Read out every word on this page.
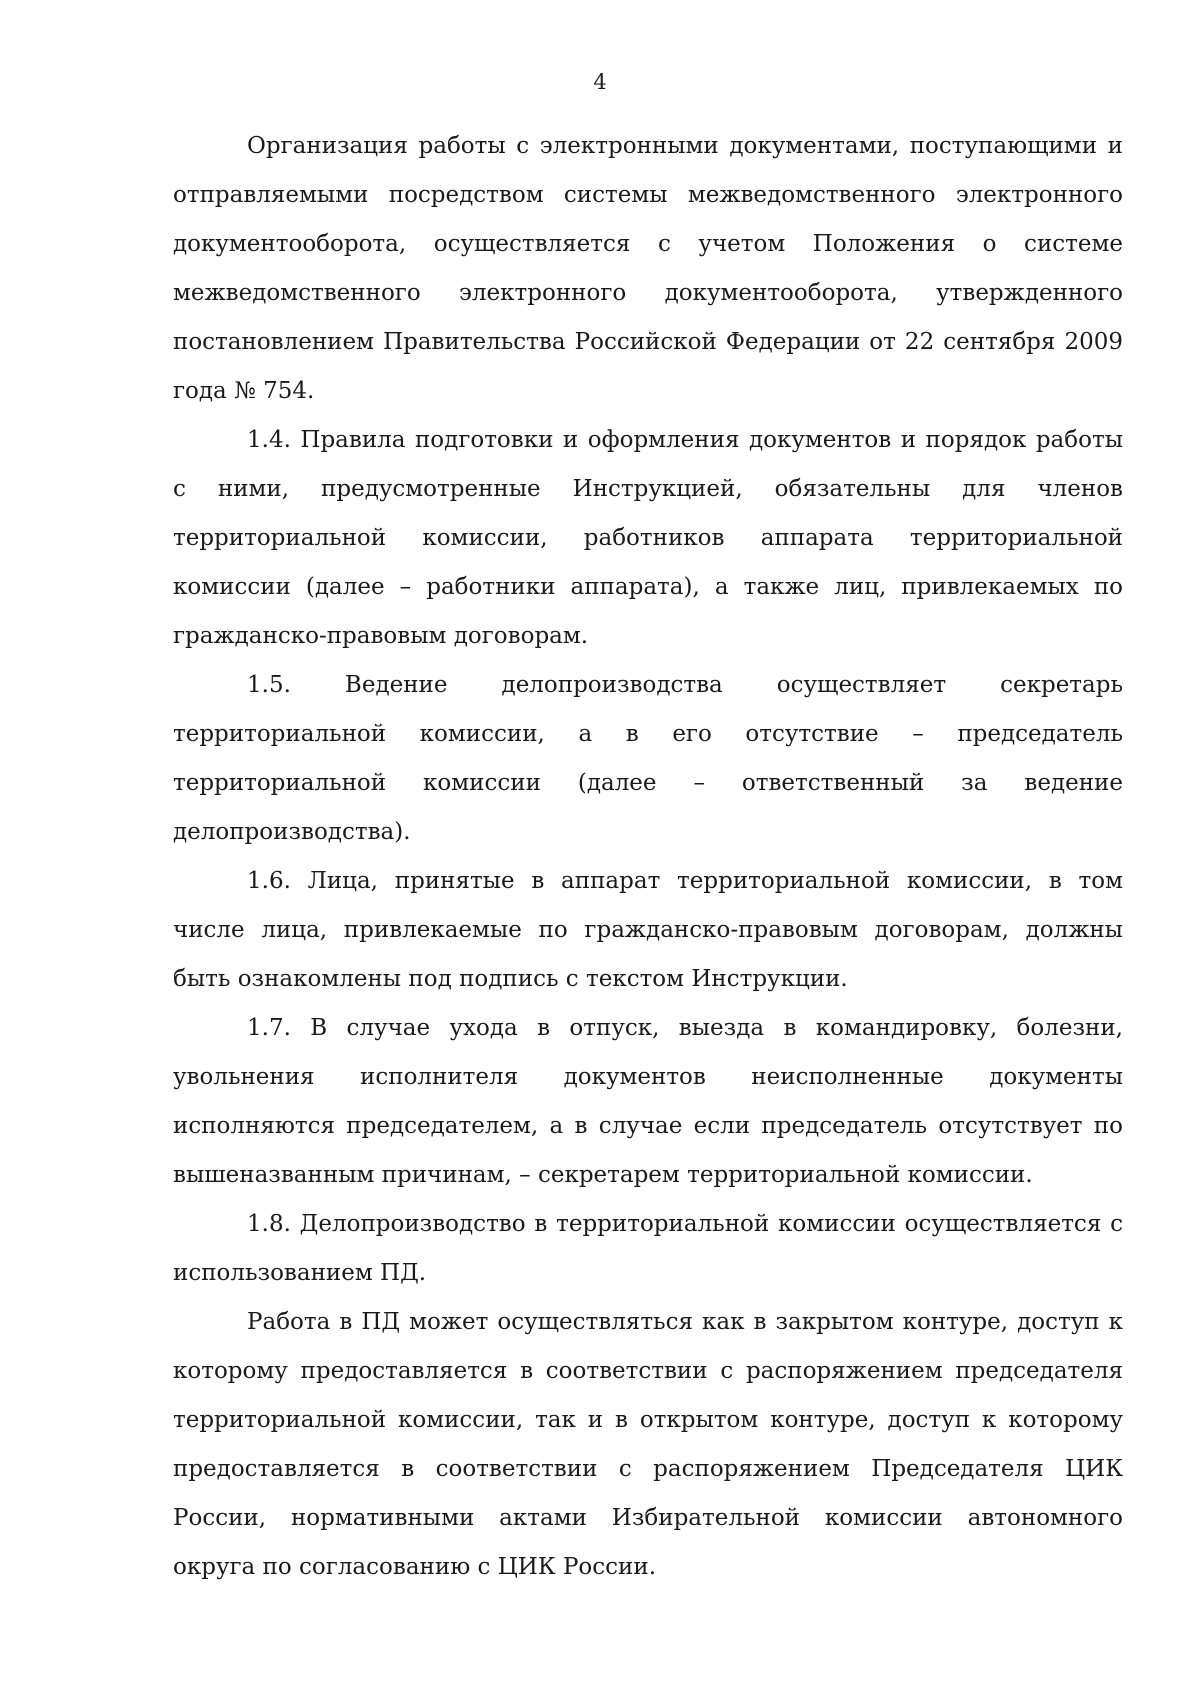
4

Организация работы с электронными документами, поступающими и отправляемыми посредством системы межведомственного электронного документооборота, осуществляется с учетом Положения о системе межведомственного электронного документооборота, утвержденного постановлением Правительства Российской Федерации от 22 сентября 2009 года № 754.

1.4. Правила подготовки и оформления документов и порядок работы с ними, предусмотренные Инструкцией, обязательны для членов территориальной комиссии, работников аппарата территориальной комиссии (далее – работники аппарата), а также лиц, привлекаемых по гражданско-правовым договорам.

1.5. Ведение делопроизводства осуществляет секретарь территориальной комиссии, а в его отсутствие – председатель территориальной комиссии (далее – ответственный за ведение делопроизводства).

1.6. Лица, принятые в аппарат территориальной комиссии, в том числе лица, привлекаемые по гражданско-правовым договорам, должны быть ознакомлены под подпись с текстом Инструкции.

1.7. В случае ухода в отпуск, выезда в командировку, болезни, увольнения исполнителя документов неисполненные документы исполняются председателем, а в случае если председатель отсутствует по вышеназванным причинам, – секретарем территориальной комиссии.

1.8. Делопроизводство в территориальной комиссии осуществляется с использованием ПД.

Работа в ПД может осуществляться как в закрытом контуре, доступ к которому предоставляется в соответствии с распоряжением председателя территориальной комиссии, так и в открытом контуре, доступ к которому предоставляется в соответствии с распоряжением Председателя ЦИК России, нормативными актами Избирательной комиссии автономного округа по согласованию с ЦИК России.
